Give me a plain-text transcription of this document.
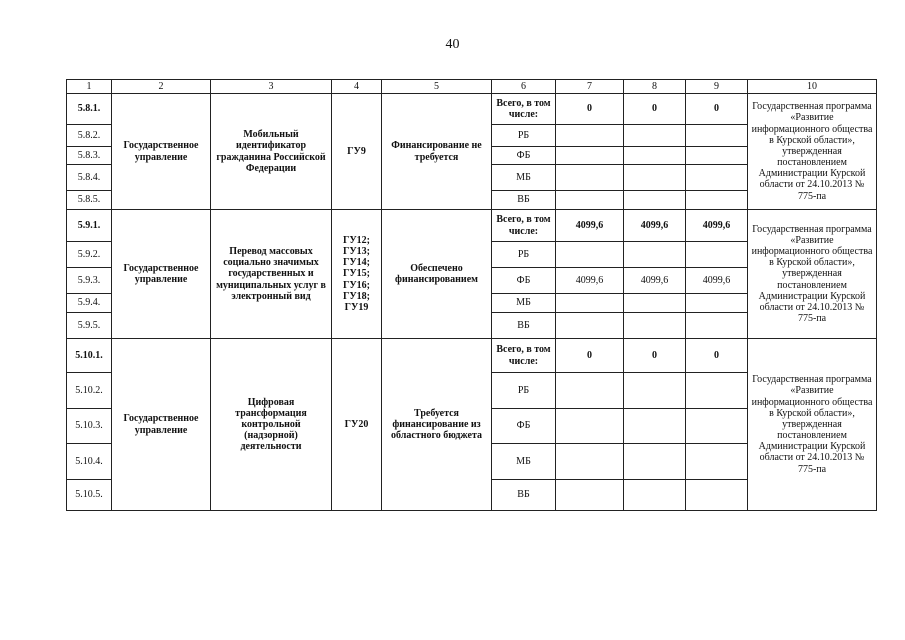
40
1	2	3	4	5	6	7	8	9	10
5.8.1.	Государственное управление	Мобильный идентификатор гражданина Российской Федерации	ГУ9	Финансирование не требуется	Всего, в том числе:	0	0	0	Государственная программа «Развитие информационного общества в Курской области», утвержденная постановлением Администрации Курской области от 24.10.2013 № 775-па
5.8.2.					РБ				
5.8.3.					ФБ				
5.8.4.					МБ				
5.8.5.					ВБ				
5.9.1.	Государственное управление	Перевод массовых социально значимых государственных и муниципальных услуг в электронный вид	ГУ12; ГУ13; ГУ14; ГУ15; ГУ16; ГУ18; ГУ19	Обеспечено финансированием	Всего, в том числе:	4099,6	4099,6	4099,6	Государственная программа «Развитие информационного общества в Курской области», утвержденная постановлением Администрации Курской области от 24.10.2013 № 775-па
5.9.2.					РБ				
5.9.3.					ФБ	4099,6	4099,6	4099,6	
5.9.4.					МБ				
5.9.5.					ВБ				
5.10.1.	Государственное управление	Цифровая трансформация контрольной (надзорной) деятельности	ГУ20	Требуется финансирование из областного бюджета	Всего, в том числе:	0	0	0	Государственная программа «Развитие информационного общества в Курской области», утвержденная постановлением Администрации Курской области от 24.10.2013 № 775-па
5.10.2.					РБ				
5.10.3.					ФБ				
5.10.4.					МБ				
5.10.5.					ВБ				
